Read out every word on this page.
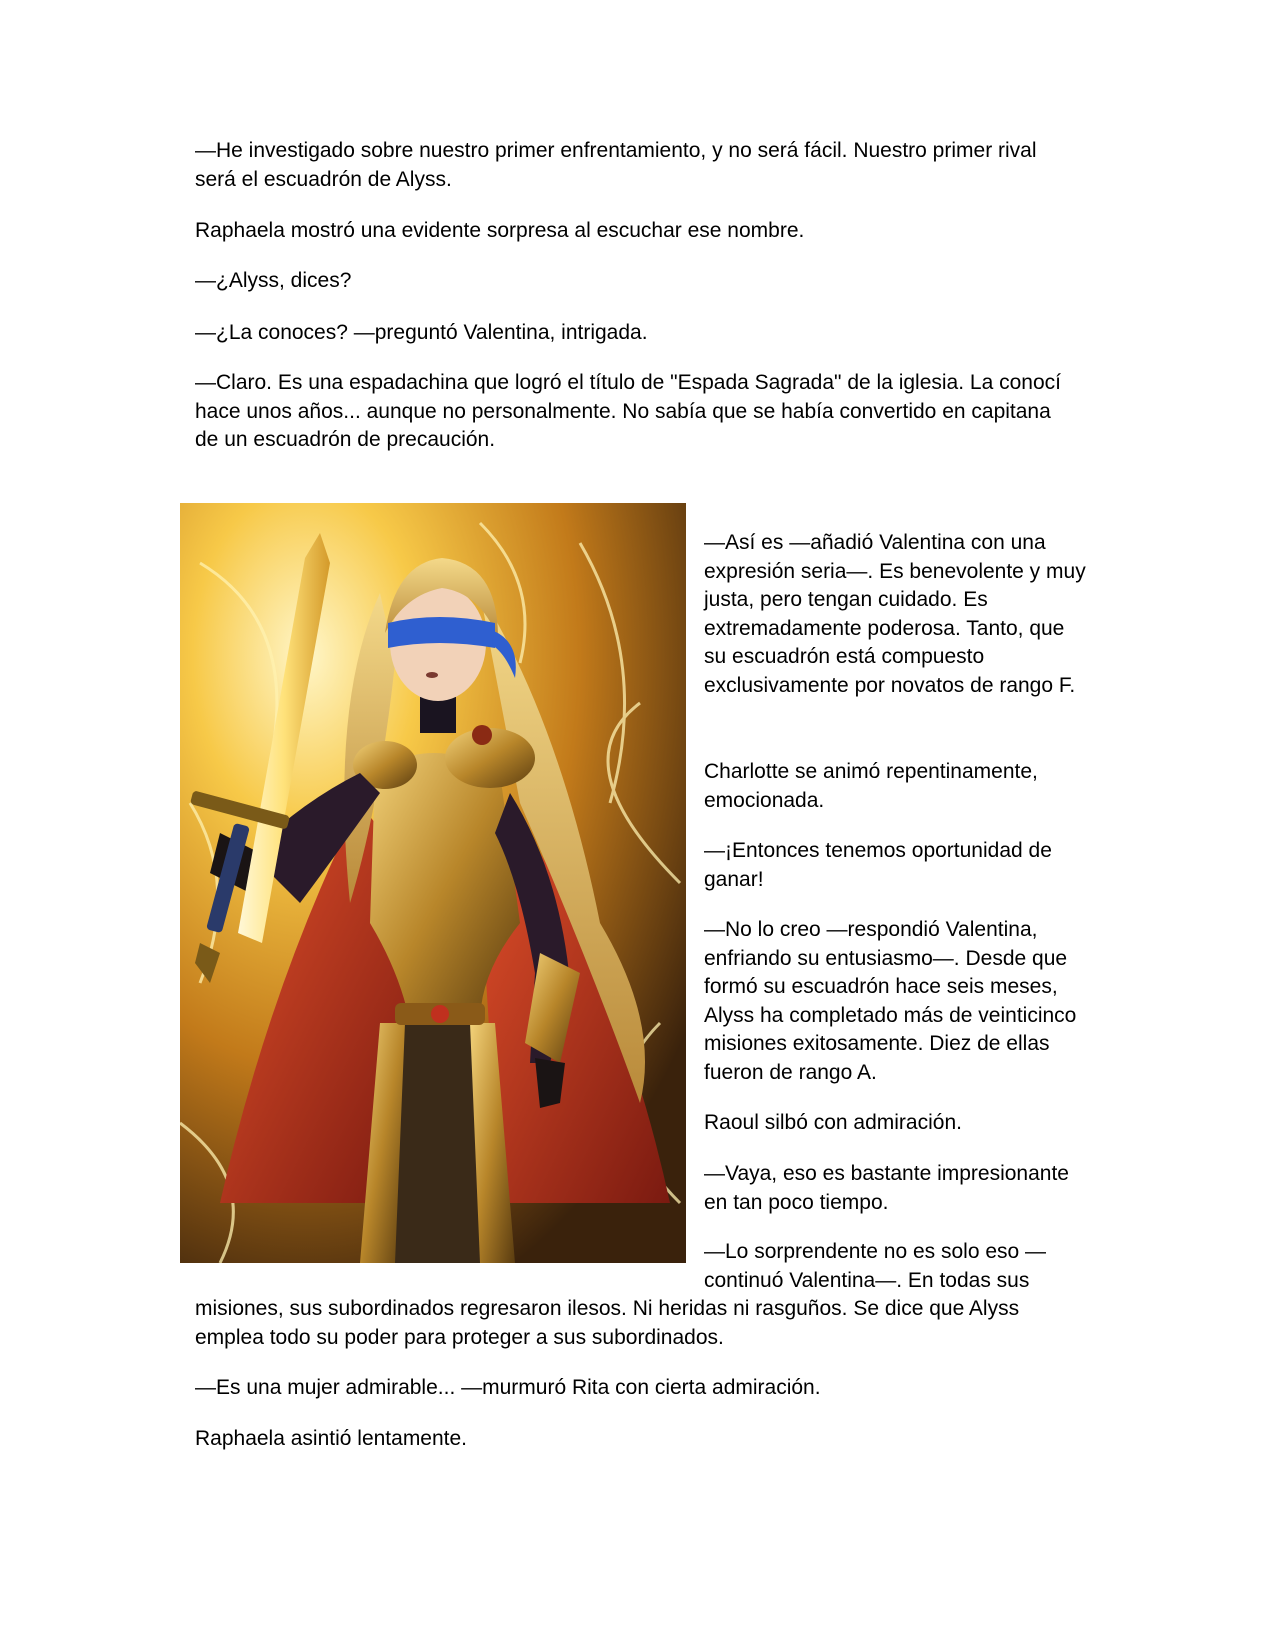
—He investigado sobre nuestro primer enfrentamiento, y no será fácil. Nuestro primer rival será el escuadrón de Alyss.

Raphaela mostró una evidente sorpresa al escuchar ese nombre.

—¿Alyss, dices?

—¿La conoces? —preguntó Valentina, intrigada.

—Claro. Es una espadachina que logró el título de "Espada Sagrada" de la iglesia. La conocí hace unos años... aunque no personalmente. No sabía que se había convertido en capitana de un escuadrón de precaución.

—Así es —añadió Valentina con una expresión seria—. Es benevolente y muy justa, pero tengan cuidado. Es extremadamente poderosa. Tanto, que su escuadrón está compuesto exclusivamente por novatos de rango F.

Charlotte se animó repentinamente, emocionada.

—¡Entonces tenemos oportunidad de ganar!

—No lo creo —respondió Valentina, enfriando su entusiasmo—. Desde que formó su escuadrón hace seis meses, Alyss ha completado más de veinticinco misiones exitosamente. Diez de ellas fueron de rango A.

Raoul silbó con admiración.

—Vaya, eso es bastante impresionante en tan poco tiempo.

—Lo sorprendente no es solo eso —continuó Valentina—. En todas sus

misiones, sus subordinados regresaron ilesos. Ni heridas ni rasguños. Se dice que Alyss emplea todo su poder para proteger a sus subordinados.

—Es una mujer admirable... —murmuró Rita con cierta admiración.

Raphaela asintió lentamente.
